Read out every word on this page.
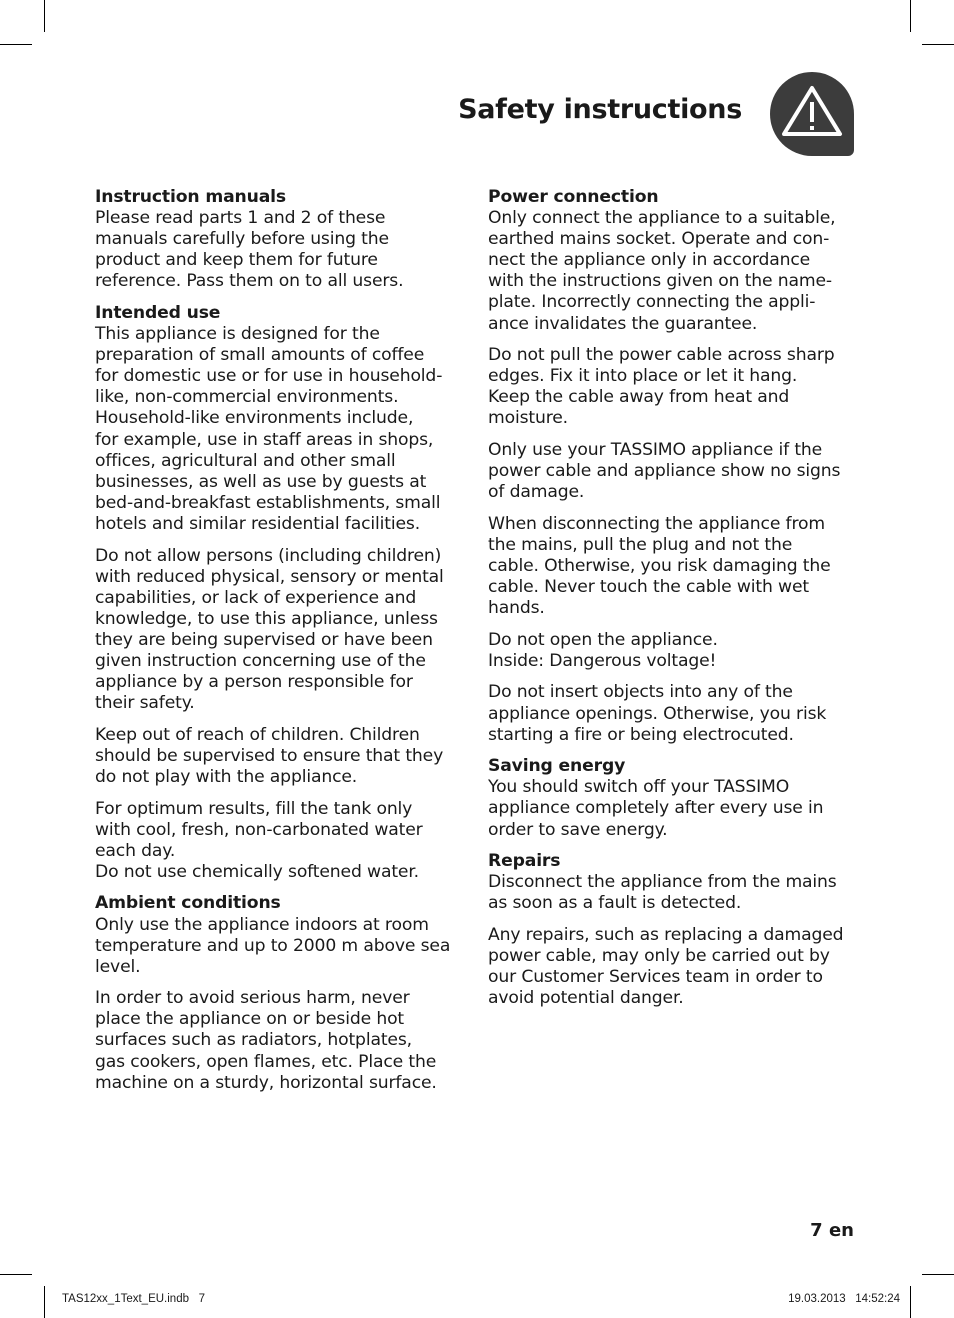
Safety instructions
Instruction manuals

Please read parts 1 and 2 of these
manuals carefully before using the
product and keep them for future
reference. Pass them on to all users.

Intended use

This appliance is designed for the
preparation of small amounts of coffee
for domestic use or for use in household-
like, non-commercial environments.
Household-like environments include,
for example, use in staff areas in shops,
offices, agricultural and other small
businesses, as well as use by guests at
bed-and-breakfast establishments, small
hotels and similar residential facilities.

Do not allow persons (including children)
with reduced physical, sensory or mental
capabilities, or lack of experience and
knowledge, to use this appliance, unless
they are being supervised or have been
given instruction concerning use of the
appliance by a person responsible for
their safety.

Keep out of reach of children. Children
should be supervised to ensure that they
do not play with the appliance.

For optimum results, fill the tank only
with cool, fresh, non-carbonated water
each day.
Do not use chemically softened water.

Ambient conditions

Only use the appliance indoors at room
temperature and up to 2000 m above sea
level.

In order to avoid serious harm, never
place the appliance on or beside hot
surfaces such as radiators, hotplates,
gas cookers, open flames, etc. Place the
machine on a sturdy, horizontal surface.

Power connection

Only connect the appliance to a suitable,
earthed mains socket. Operate and con-
nect the appliance only in accordance
with the instructions given on the name-
plate. Incorrectly connecting the appli-
ance invalidates the guarantee.

Do not pull the power cable across sharp
edges. Fix it into place or let it hang.
Keep the cable away from heat and
moisture.

Only use your TASSIMO appliance if the
power cable and appliance show no signs
of damage.

When disconnecting the appliance from
the mains, pull the plug and not the
cable. Otherwise, you risk damaging the
cable. Never touch the cable with wet
hands.

Do not open the appliance.
Inside: Dangerous voltage!

Do not insert objects into any of the
appliance openings. Otherwise, you risk
starting a fire or being electrocuted.

Saving energy

You should switch off your TASSIMO
appliance completely after every use in
order to save energy.

Repairs

Disconnect the appliance from the mains
as soon as a fault is detected.

Any repairs, such as replacing a damaged
power cable, may only be carried out by
our Customer Services team in order to
avoid potential danger.

7 en
TAS12xx_1Text_EU.indb   7	19.03.2013   14:52:24
